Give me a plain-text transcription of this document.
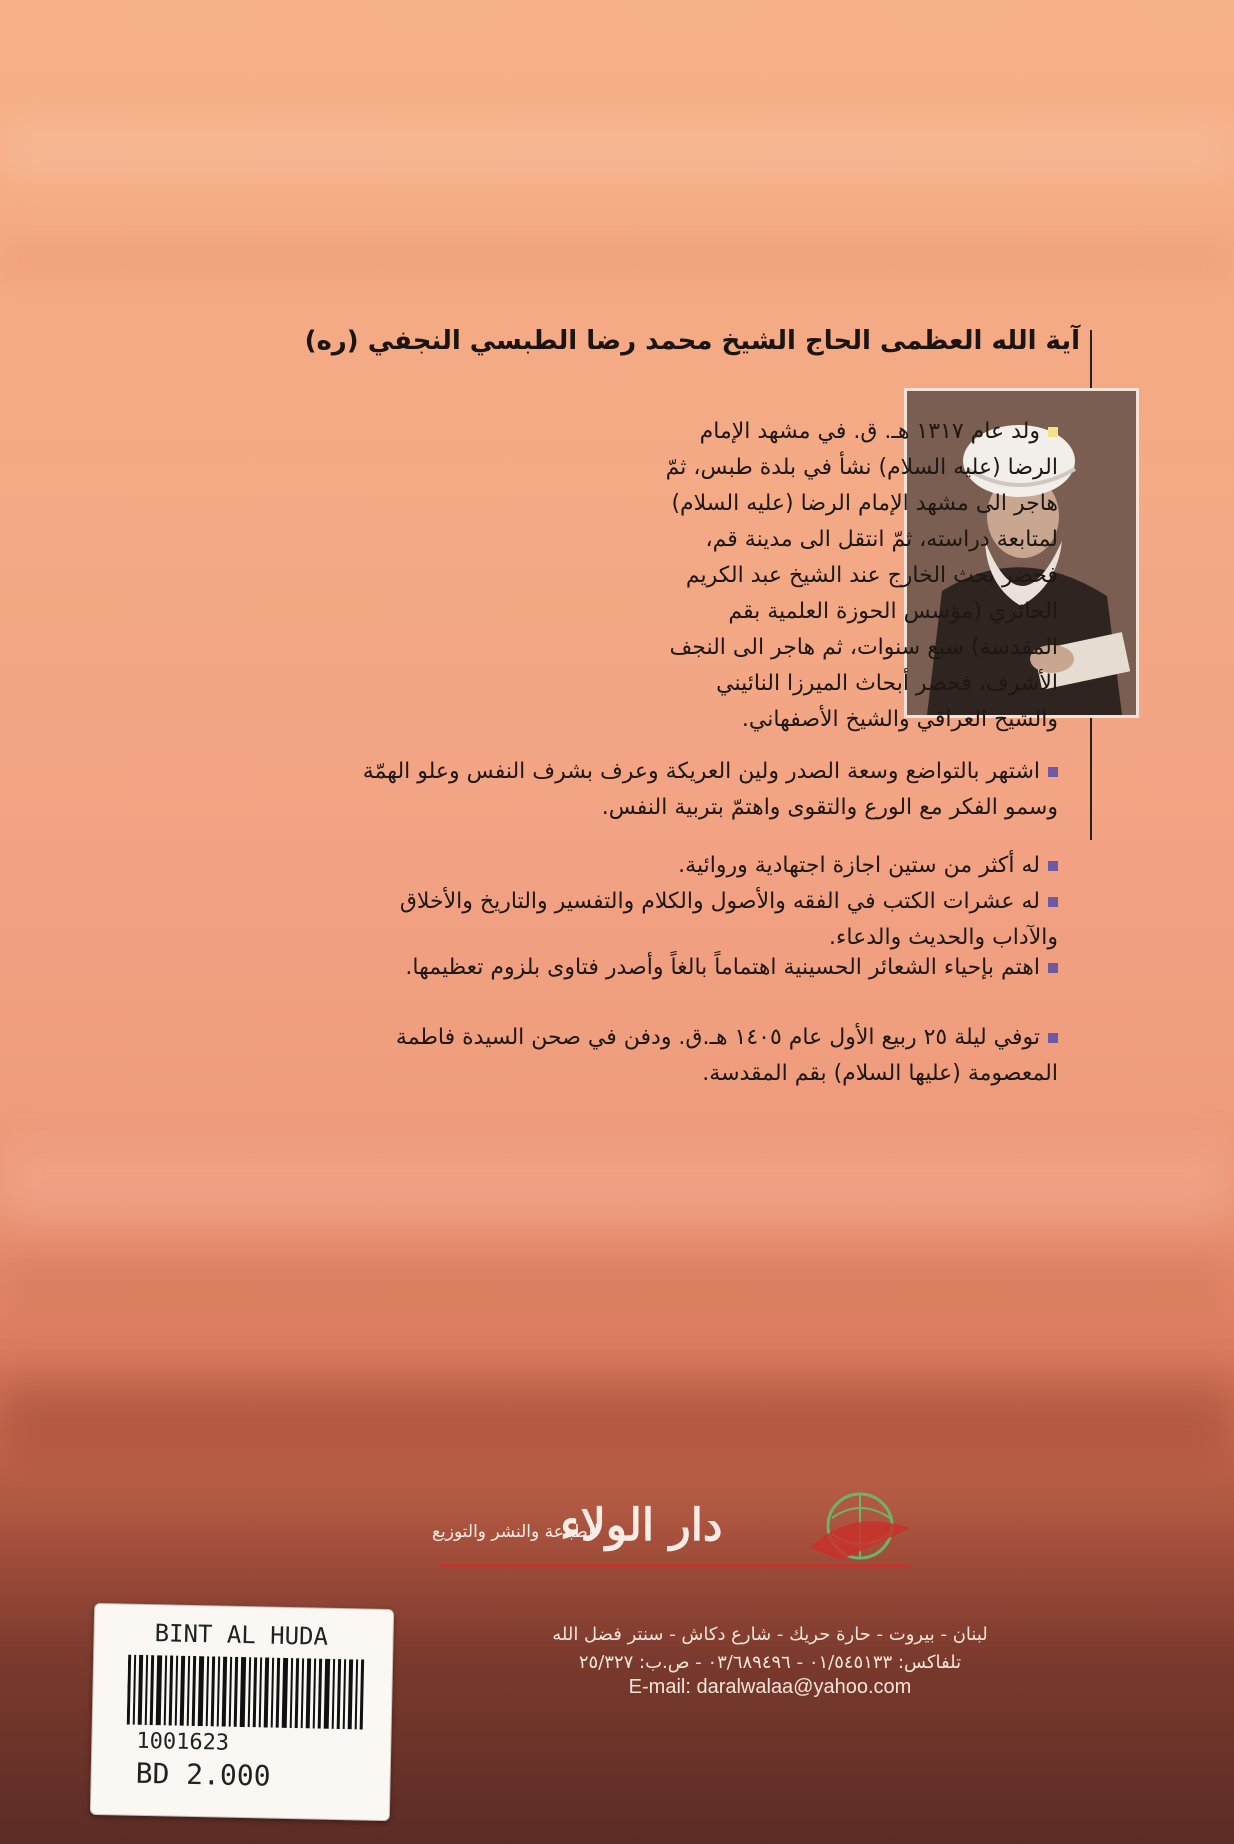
آية الله العظمى الحاج الشيخ محمد رضا الطبسي النجفي (ره)
ولد عام ١٣١٧ هـ. ق. في مشهد الإمام الرضا (عليه السلام) نشأ في بلدة طبس، ثمّ هاجر الى مشهد الإمام الرضا (عليه السلام) لمتابعة دراسته، ثمّ انتقل الى مدينة قم، فحضر بحث الخارج عند الشيخ عبد الكريم الحائري (مؤسس الحوزة العلمية بقم المقدسة) سبع سنوات، ثم هاجر الى النجف الأشرف، فحضر أبحاث الميرزا النائيني والشيخ العراقي والشيخ الأصفهاني.
اشتهر بالتواضع وسعة الصدر ولين العريكة وعرف بشرف النفس وعلو الهمّة وسمو الفكر مع الورع والتقوى واهتمّ بتربية النفس.
له أكثر من ستين اجازة اجتهادية وروائية.
له عشرات الكتب في الفقه والأصول والكلام والتفسير والتاريخ والأخلاق والآداب والحديث والدعاء.
اهتم بإحياء الشعائر الحسينية اهتماماً بالغاً وأصدر فتاوى بلزوم تعظيمها.
توفي ليلة ٢٥ ربيع الأول عام ١٤٠٥ هـ.ق. ودفن في صحن السيدة فاطمة المعصومة (عليها السلام) بقم المقدسة.
دار الولاء
للطباعة والنشر والتوزيع
لبنان - بيروت - حارة حريك - شارع دكاش - سنتر فضل الله
تلفاكس: ٠١/٥٤٥١٣٣ - ٠٣/٦٨٩٤٩٦ - ص.ب: ٢٥/٣٢٧
E-mail: daralwalaa@yahoo.com
BINT AL HUDA
1001623
BD 2.000
